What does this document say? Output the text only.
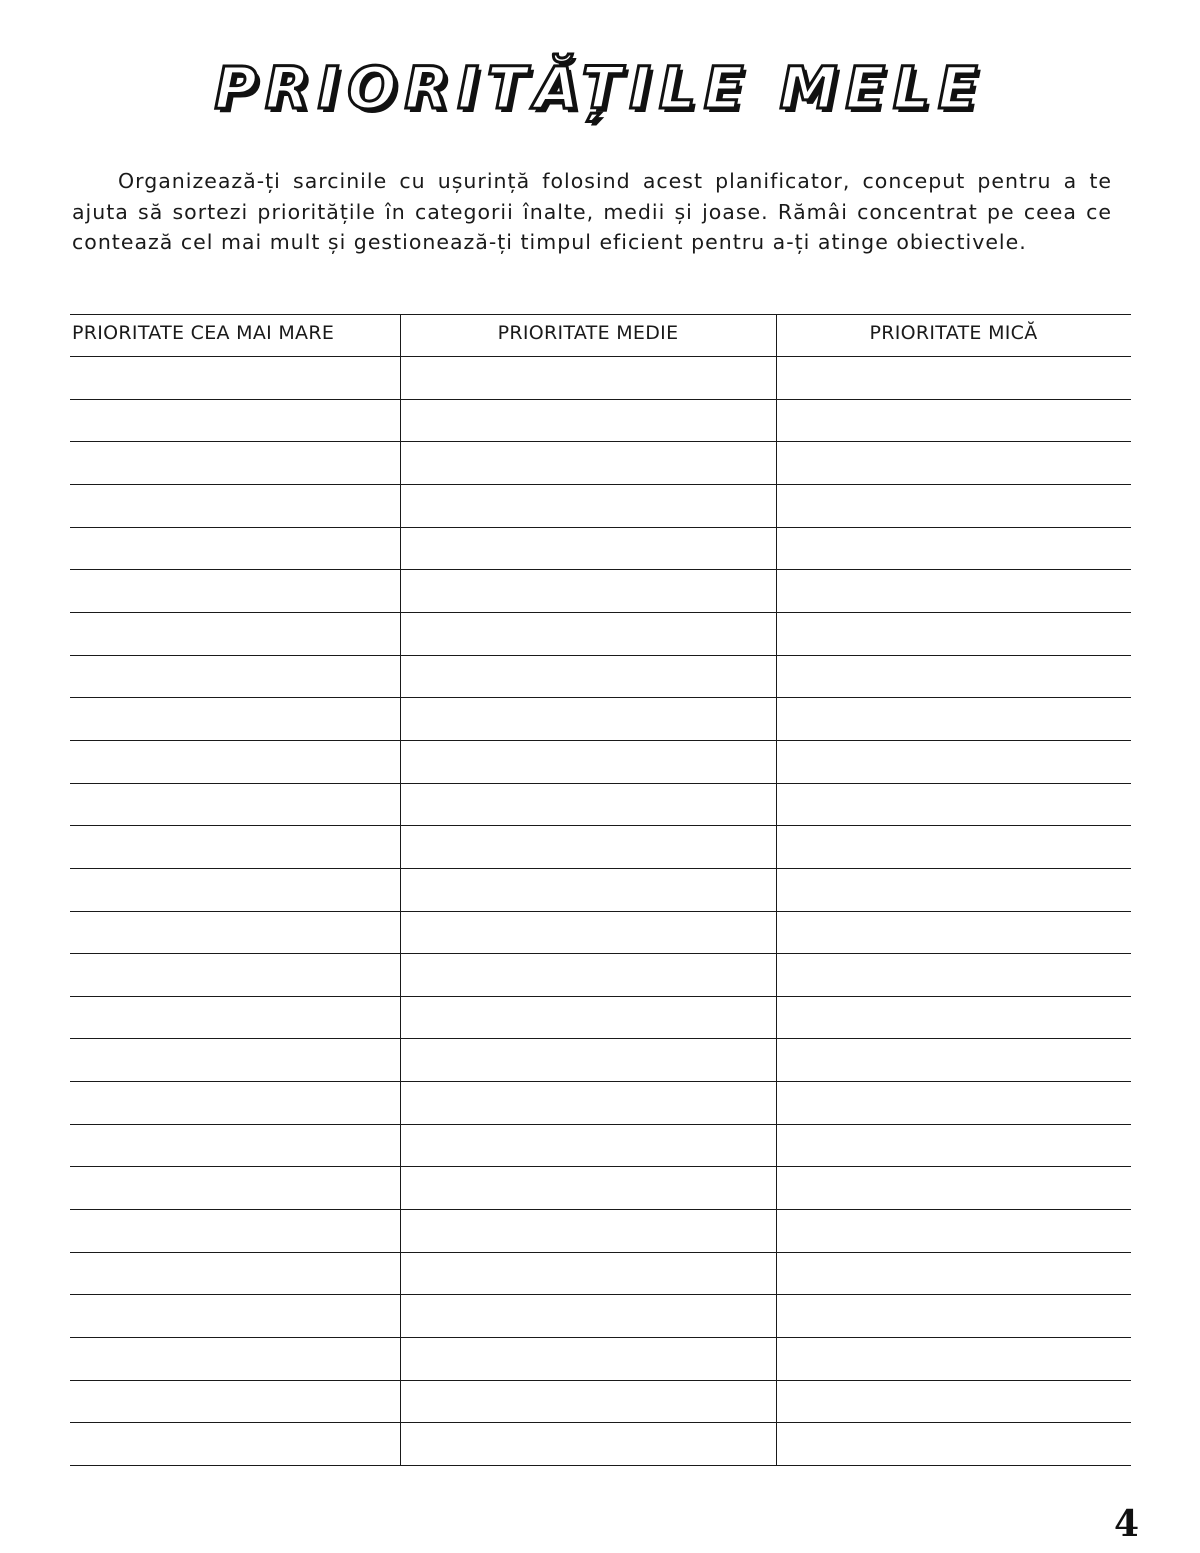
PRIORITĂȚILE MELE

Organizează-ți sarcinile cu ușurință folosind acest planificator, conceput pentru a te ajuta să sortezi prioritățile în categorii înalte, medii și joase. Rămâi concentrat pe ceea ce contează cel mai mult și gestionează-ți timpul eficient pentru a-ți atinge obiectivele.

PRIORITATE CEA MAI MARE	PRIORITATE MEDIE	PRIORITATE MICĂ
4
